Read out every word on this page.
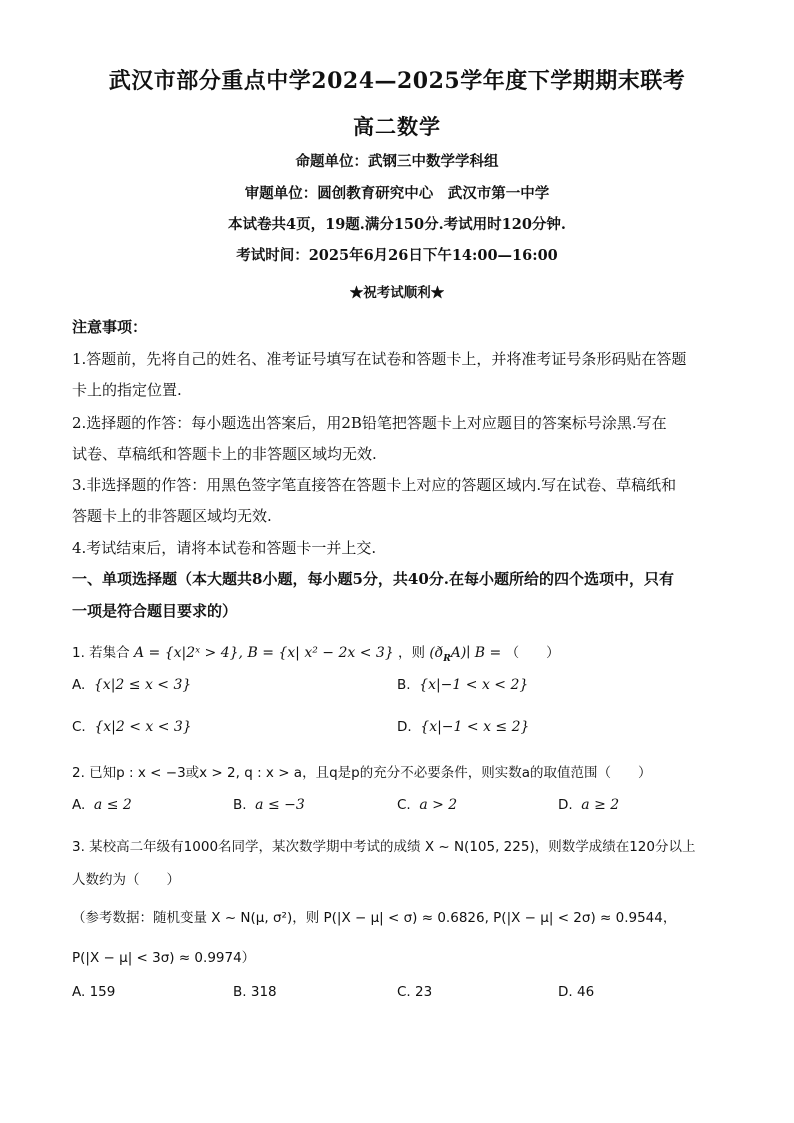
武汉市部分重点中学2024—2025学年度下学期期末联考
高二数学
命题单位：武钢三中数学学科组
审题单位：圆创教育研究中心　武汉市第一中学
本试卷共4页，19题.满分150分.考试用时120分钟.
考试时间：2025年6月26日下午14:00—16:00
★祝考试顺利★
注意事项：
1.答题前，先将自己的姓名、准考证号填写在试卷和答题卡上，并将准考证号条形码贴在答题
卡上的指定位置.
2.选择题的作答：每小题选出答案后，用2B铅笔把答题卡上对应题目的答案标号涂黑.写在
试卷、草稿纸和答题卡上的非答题区域均无效.
3.非选择题的作答：用黑色签字笔直接答在答题卡上对应的答题区域内.写在试卷、草稿纸和
答题卡上的非答题区域均无效.
4.考试结束后，请将本试卷和答题卡一并上交.
一、单项选择题（本大题共8小题，每小题5分，共40分.在每小题所给的四个选项中，只有
一项是符合题目要求的）
1. 若集合 A = {x|2ˣ > 4}, B = {x| x² − 2x < 3} ，则 $(ð_RA)∣$ B = （　　）
A. {x|2 ≤ x < 3}	B. {x|−1 < x < 2}
C. {x|2 < x < 3}	D. {x|−1 < x ≤ 2}
2. 已知p : x < −3或x > 2, q : x > a，且q是p的充分不必要条件，则实数a的取值范围（　　）
A. a ≤ 2	B. a ≤ −3	C. a > 2	D. a ≥ 2
3. 某校高二年级有1000名同学，某次数学期中考试的成绩 X ~ N(105, 225)，则数学成绩在120分以上
人数约为（　　）
（参考数据：随机变量 X ~ N(μ, σ²)，则 P(|X − μ| < σ) ≈ 0.6826, P(|X − μ| < 2σ) ≈ 0.9544，
P(|X − μ| < 3σ) ≈ 0.9974）
A. 159	B. 318	C. 23	D. 46
